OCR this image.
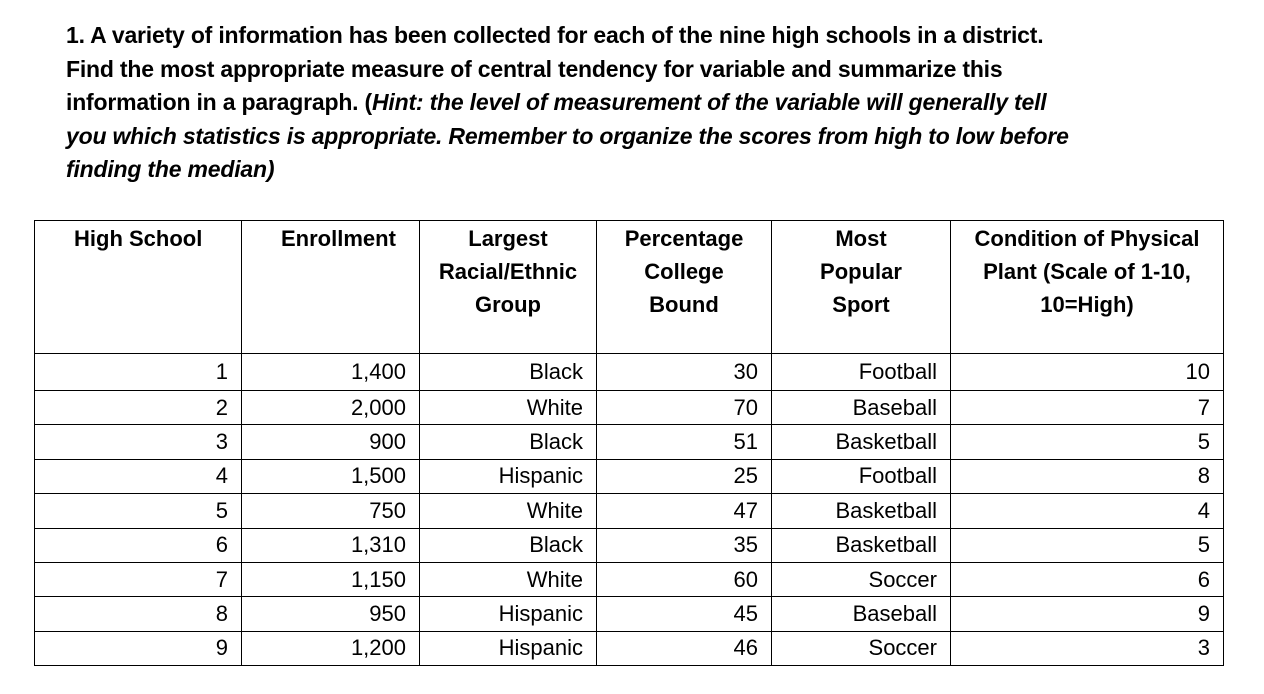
1. A variety of information has been collected for each of the nine high schools in a district.
Find the most appropriate measure of central tendency for variable and summarize this
information in a paragraph. (Hint: the level of measurement of the variable will generally tell
you which statistics is appropriate. Remember to organize the scores from high to low before
finding the median)
High School	Enrollment	Largest
Racial/Ethnic
Group	Percentage
College
Bound	Most
Popular
Sport	Condition of Physical
Plant (Scale of 1-10,
10=High)

1	1,400	Black	30	Football	10
2	2,000	White	70	Baseball	7
3	900	Black	51	Basketball	5
4	1,500	Hispanic	25	Football	8
5	750	White	47	Basketball	4
6	1,310	Black	35	Basketball	5
7	1,150	White	60	Soccer	6
8	950	Hispanic	45	Baseball	9
9	1,200	Hispanic	46	Soccer	3
